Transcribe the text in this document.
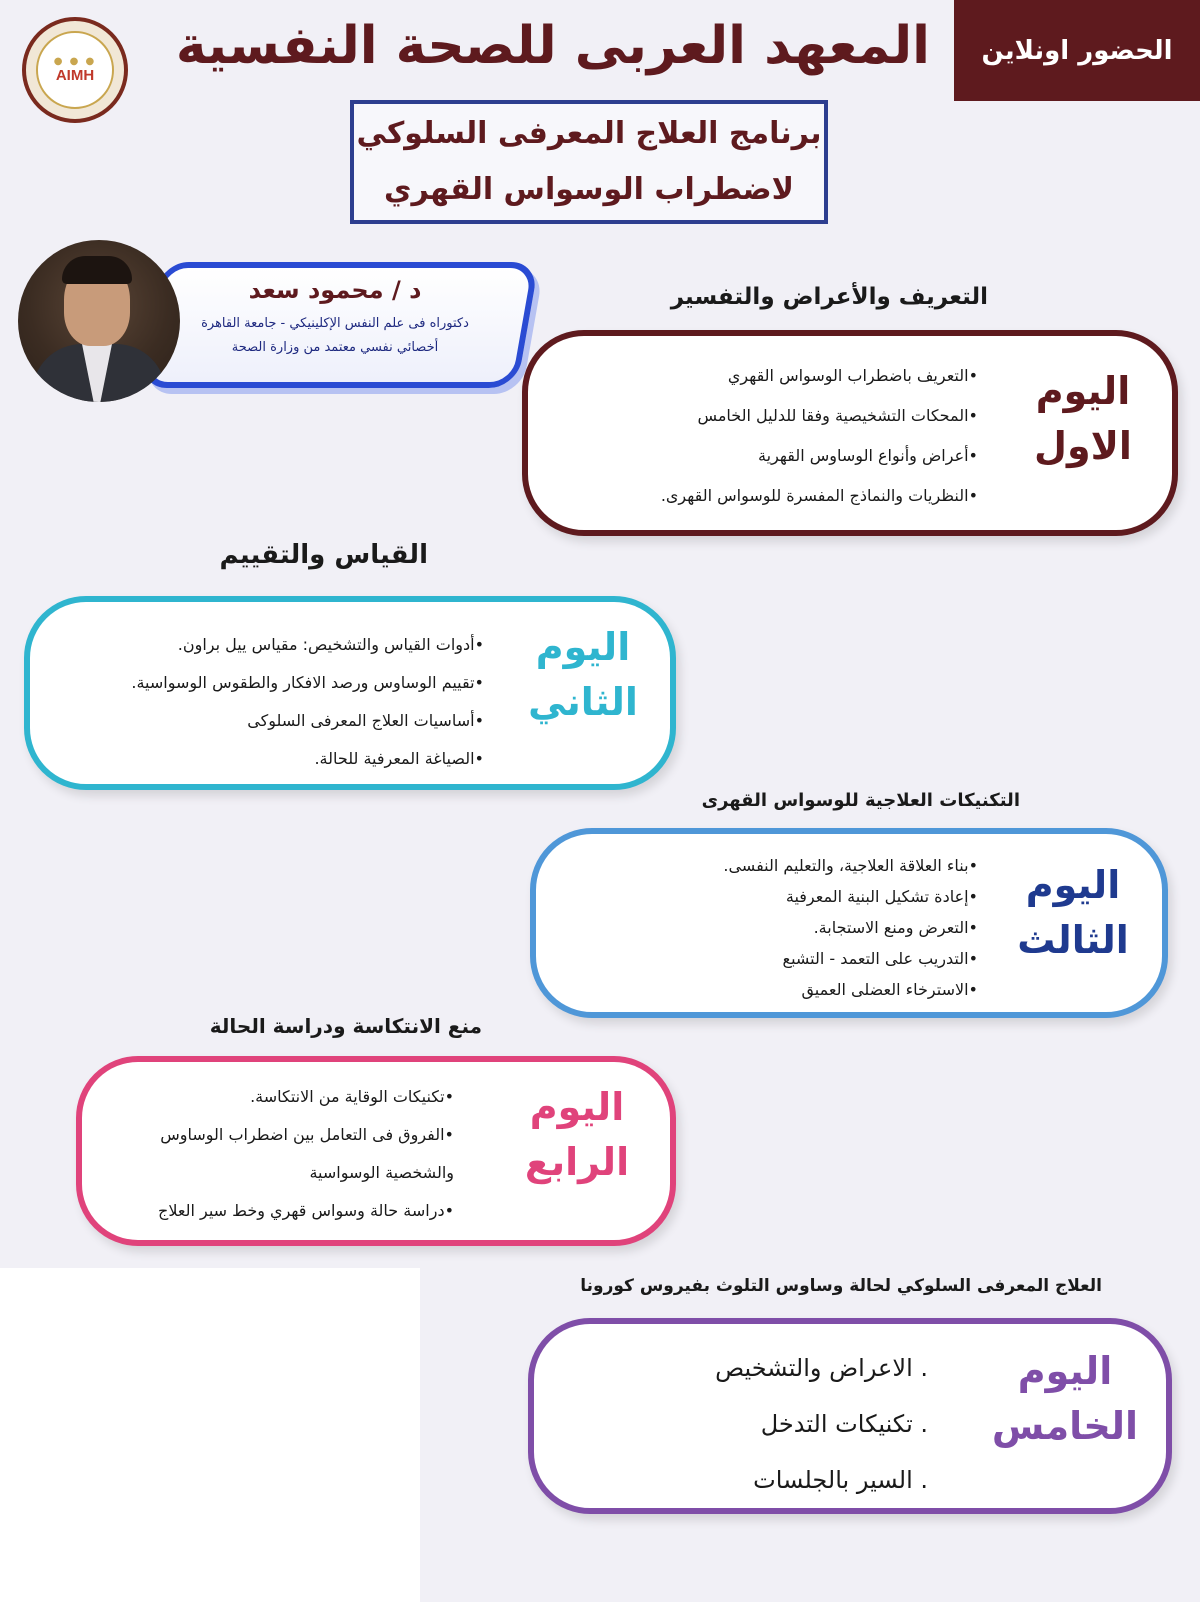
الحضور اونلاين
المعهد العربى للصحة النفسية
● ● ●
AIMH
برنامج العلاج المعرفى السلوكي
لاضطراب الوسواس القهري
د / محمود سعد
دكتوراه فى علم النفس الإكلينيكي - جامعة القاهرة
أخصائي نفسي معتمد من وزارة الصحة
التعريف والأعراض والتفسير
اليوم
الاول
•التعريف باضطراب الوسواس القهري
•المحكات التشخيصية وفقا للدليل الخامس
•أعراض وأنواع الوساوس القهرية
•النظريات والنماذج المفسرة للوسواس القهرى.
القياس والتقييم
اليوم
الثاني
•أدوات القياس والتشخيص: مقياس ييل براون.
•تقييم الوساوس ورصد الافكار والطقوس الوسواسية.
•أساسيات العلاج المعرفى السلوكى
•الصياغة المعرفية للحالة.
التكنيكات العلاجية للوسواس القهرى
اليوم
الثالث
•بناء العلاقة العلاجية، والتعليم النفسى.
•إعادة تشكيل البنية المعرفية
•التعرض ومنع الاستجابة.
•التدريب على التعمد - التشبع
•الاسترخاء العضلى العميق
منع الانتكاسة ودراسة الحالة
اليوم
الرابع
•تكنيكات الوقاية من الانتكاسة.
•الفروق فى التعامل بين اضطراب الوساوس
والشخصية الوسواسية
•دراسة حالة وسواس قهري وخط سير العلاج
العلاج المعرفى السلوكي لحالة وساوس التلوث بفيروس كورونا
اليوم
الخامس
. الاعراض والتشخيص
. تكنيكات التدخل
. السير بالجلسات
